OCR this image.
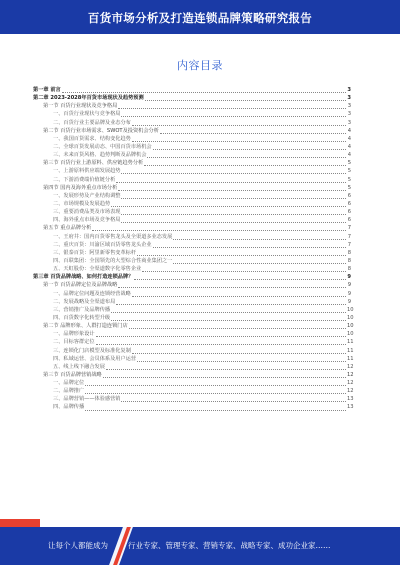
百货市场分析及打造连锁品牌策略研究报告
内容目录
第一章 前言	3
第二章 2023-2028年百货市场现状及趋势预测	3
第一节 百货行业现状及竞争格局	3
一、百货行业现状与竞争格局	3
二、百货行业主要品牌及业态分布	3
第二节 百货行业市场需求、SWOT及投资机会分析	4
一、我国百货需求、结构变化趋势	4
二、全球百货发展动态、中国百货市场机会	4
三、未来百货风格、趋势判断及品牌机会	4
第三节 百货行业上游原料、供应链趋势分析	5
一、上游原料供应端发展趋势	5
二、下游消费端价值链分析	5
第四节 国内及海外重点市场分析	5
一、发展形势及产业结构调整	6
二、市场规模及发展趋势	6
三、重要消费品类及市场表现	6
四、海外重点市场及竞争格局	6
第五节 重点品牌分析	7
一、王府井：国内百货零售龙头及全渠道多业态发展	7
二、重庆百货：川渝区域百货零售龙头企业	7
三、银泰百货：阿里新零售变革标杆	8
四、百联集团：全国领先的大型综合性商业集团之一	8
五、天虹股份：全渠道数字化零售企业	8
第三章 百货品牌战略、如何打造连锁品牌？	9
第一节 百货品牌定位及品牌战略	9
一、品牌定位问题及连锁经营战略	9
二、发展战略及全渠道布局	9
三、营销推广及品牌传播	10
四、百货数字化转型升级	10
第二节 品牌形象、人群打造连锁门店	10
一、品牌形象设计	10
二、目标客群定位	11
三、连锁化门店模型及标准化复制	11
四、私域运营、会员体系及用户运营	11
五、线上线下融合发展	12
第三节 百货品牌营销战略	12
一、品牌定位	12
二、品牌推广	12
三、品牌营销——体验感营销	13
四、品牌传播	13
让每个人都能成为	行业专家、管理专家、营销专家、战略专家、成功企业家……
